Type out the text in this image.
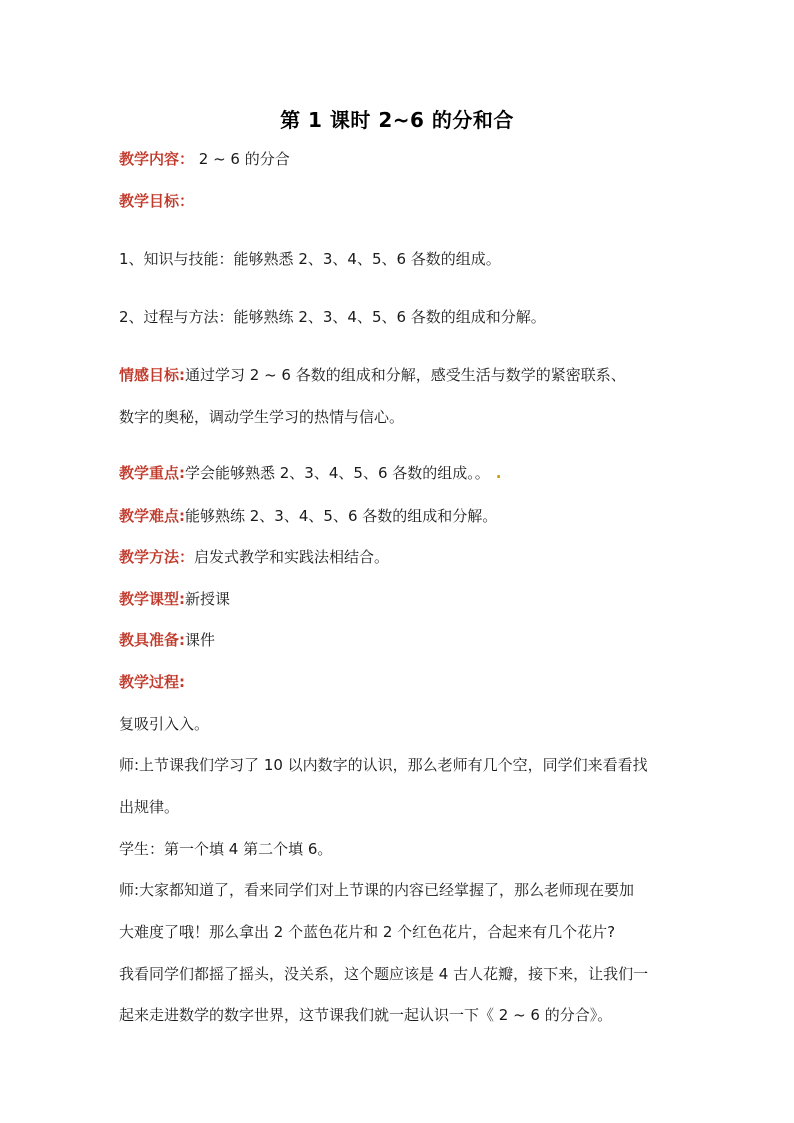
第 1 课时 2~6 的分和合
教学内容： 2 ~ 6 的分合
教学目标：
1、知识与技能：能够熟悉 2、3、4、5、6 各数的组成。
2、过程与方法：能够熟练 2、3、4、5、6 各数的组成和分解。
情感目标:通过学习 2 ~ 6 各数的组成和分解，感受生活与数学的紧密联系、
数字的奥秘，调动学生学习的热情与信心。
教学重点:学会能够熟悉 2、3、4、5、6 各数的组成。。 .
教学难点:能够熟练 2、3、4、5、6 各数的组成和分解。
教学方法：启发式教学和实践法相结合。
教学课型:新授课
教具准备:课件
教学过程:
复吸引入入。
师:上节课我们学习了 10 以内数字的认识，那么老师有几个空，同学们来看看找
出规律。
学生：第一个填 4 第二个填 6。
师:大家都知道了，看来同学们对上节课的内容已经掌握了，那么老师现在要加
大难度了哦！那么拿出 2 个蓝色花片和 2 个红色花片，合起来有几个花片?
我看同学们都摇了摇头，没关系，这个题应该是 4 古人花瓣，接下来，让我们一
起来走进数学的数字世界，这节课我们就一起认识一下《 2 ~ 6 的分合》。
